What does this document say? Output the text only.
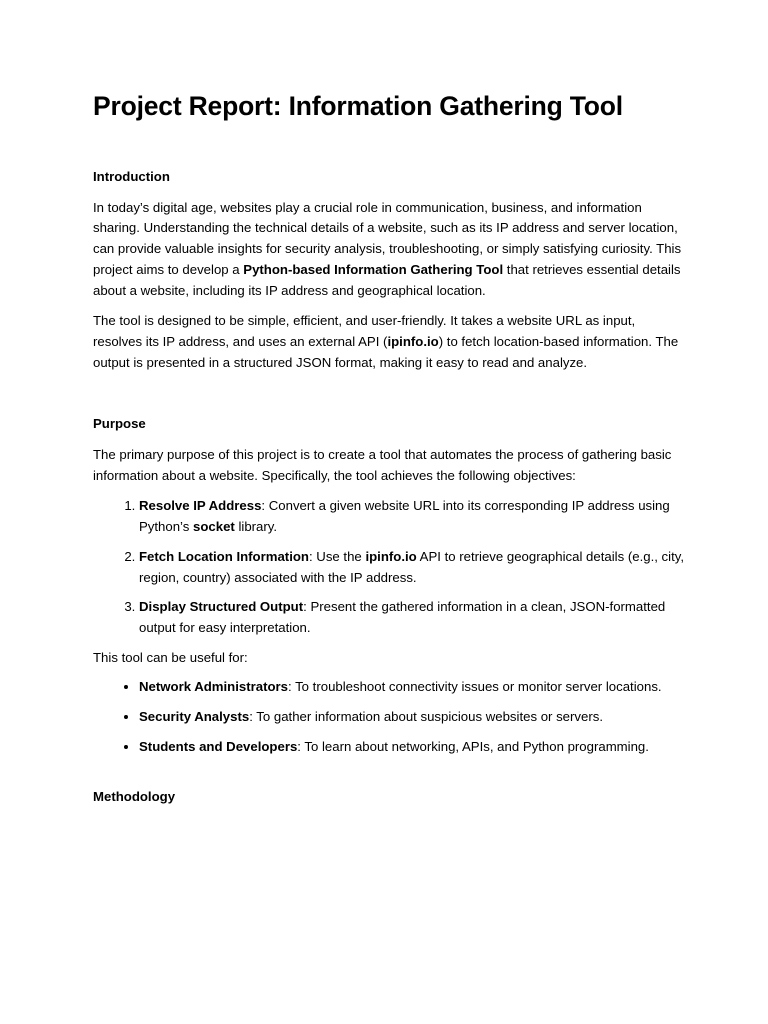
Project Report: Information Gathering Tool
Introduction

In today’s digital age, websites play a crucial role in communication, business, and information sharing. Understanding the technical details of a website, such as its IP address and server location, can provide valuable insights for security analysis, troubleshooting, or simply satisfying curiosity. This project aims to develop a Python-based Information Gathering Tool that retrieves essential details about a website, including its IP address and geographical location.

The tool is designed to be simple, efficient, and user-friendly. It takes a website URL as input, resolves its IP address, and uses an external API (ipinfo.io) to fetch location-based information. The output is presented in a structured JSON format, making it easy to read and analyze.

Purpose

The primary purpose of this project is to create a tool that automates the process of gathering basic information about a website. Specifically, the tool achieves the following objectives:

1. Resolve IP Address: Convert a given website URL into its corresponding IP address using Python’s socket library.
2. Fetch Location Information: Use the ipinfo.io API to retrieve geographical details (e.g., city, region, country) associated with the IP address.
3. Display Structured Output: Present the gathered information in a clean, JSON-formatted output for easy interpretation.

This tool can be useful for:

• Network Administrators: To troubleshoot connectivity issues or monitor server locations.
• Security Analysts: To gather information about suspicious websites or servers.
• Students and Developers: To learn about networking, APIs, and Python programming.
Methodology
